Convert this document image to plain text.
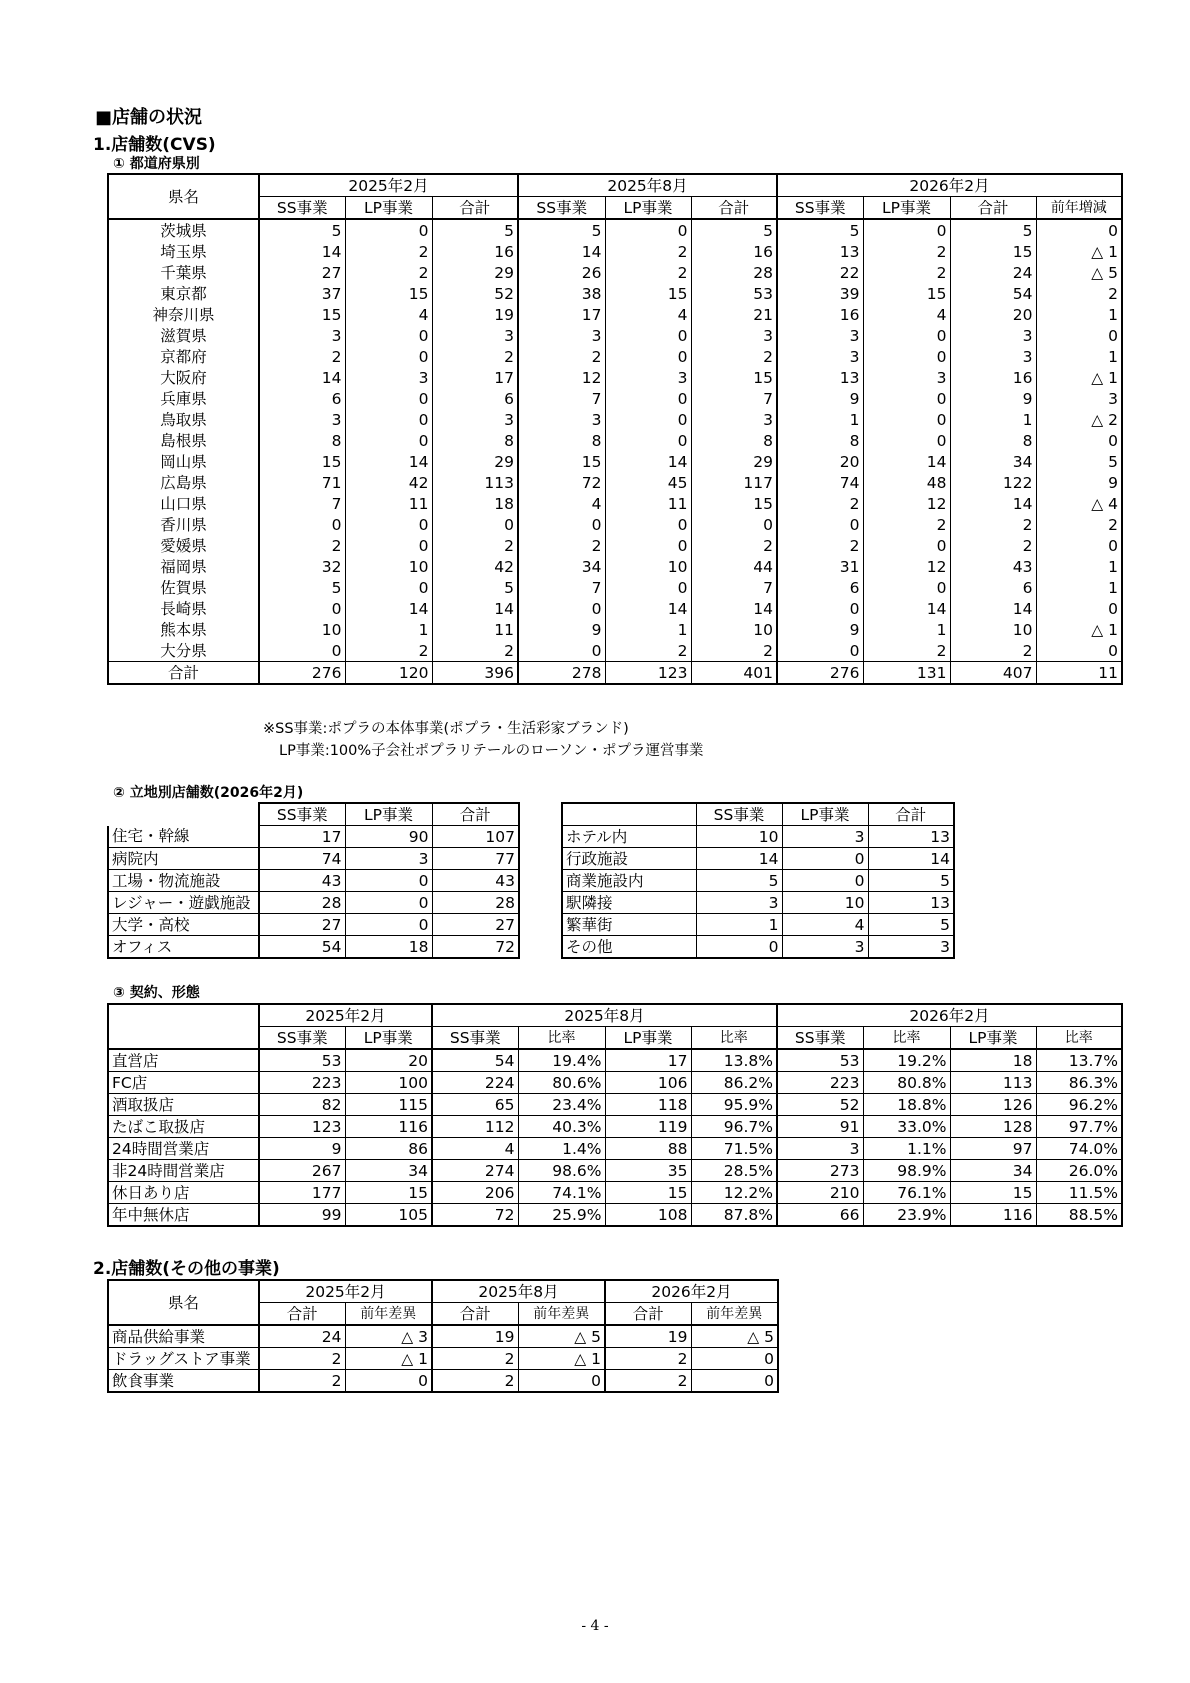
■店舗の状況
1.店舗数(CVS)
① 都道府県別
県名	2025年2月			2025年8月			2026年2月			
	SS事業	LP事業	合計	SS事業	LP事業	合計	SS事業	LP事業	合計	前年増減
茨城県	5	0	5	5	0	5	5	0	5	0
埼玉県	14	2	16	14	2	16	13	2	15	△ 1
千葉県	27	2	29	26	2	28	22	2	24	△ 5
東京都	37	15	52	38	15	53	39	15	54	2
神奈川県	15	4	19	17	4	21	16	4	20	1
滋賀県	3	0	3	3	0	3	3	0	3	0
京都府	2	0	2	2	0	2	3	0	3	1
大阪府	14	3	17	12	3	15	13	3	16	△ 1
兵庫県	6	0	6	7	0	7	9	0	9	3
鳥取県	3	0	3	3	0	3	1	0	1	△ 2
島根県	8	0	8	8	0	8	8	0	8	0
岡山県	15	14	29	15	14	29	20	14	34	5
広島県	71	42	113	72	45	117	74	48	122	9
山口県	7	11	18	4	11	15	2	12	14	△ 4
香川県	0	0	0	0	0	0	0	2	2	2
愛媛県	2	0	2	2	0	2	2	0	2	0
福岡県	32	10	42	34	10	44	31	12	43	1
佐賀県	5	0	5	7	0	7	6	0	6	1
長崎県	0	14	14	0	14	14	0	14	14	0
熊本県	10	1	11	9	1	10	9	1	10	△ 1
大分県	0	2	2	0	2	2	0	2	2	0
合計	276	120	396	278	123	401	276	131	407	11
※SS事業:ポプラの本体事業(ポプラ・生活彩家ブランド)
LP事業:100%子会社ポプラリテールのローソン・ポプラ運営事業
② 立地別店舗数(2026年2月)
	SS事業	LP事業	合計
住宅・幹線	17	90	107
病院内	74	3	77
工場・物流施設	43	0	43
レジャー・遊戯施設	28	0	28
大学・高校	27	0	27
オフィス	54	18	72
	SS事業	LP事業	合計
ホテル内	10	3	13
行政施設	14	0	14
商業施設内	5	0	5
駅隣接	3	10	13
繁華街	1	4	5
その他	0	3	3
③ 契約、形態
	2025年2月		2025年8月				2026年2月			
	SS事業	LP事業	SS事業	比率	LP事業	比率	SS事業	比率	LP事業	比率
直営店	53	20	54	19.4%	17	13.8%	53	19.2%	18	13.7%
FC店	223	100	224	80.6%	106	86.2%	223	80.8%	113	86.3%
酒取扱店	82	115	65	23.4%	118	95.9%	52	18.8%	126	96.2%
たばこ取扱店	123	116	112	40.3%	119	96.7%	91	33.0%	128	97.7%
24時間営業店	9	86	4	1.4%	88	71.5%	3	1.1%	97	74.0%
非24時間営業店	267	34	274	98.6%	35	28.5%	273	98.9%	34	26.0%
休日あり店	177	15	206	74.1%	15	12.2%	210	76.1%	15	11.5%
年中無休店	99	105	72	25.9%	108	87.8%	66	23.9%	116	88.5%
2.店舗数(その他の事業)
県名	2025年2月		2025年8月		2026年2月	
	合計	前年差異	合計	前年差異	合計	前年差異
商品供給事業	24	△ 3	19	△ 5	19	△ 5
ドラッグストア事業	2	△ 1	2	△ 1	2	0
飲食事業	2	0	2	0	2	0
- 4 -
